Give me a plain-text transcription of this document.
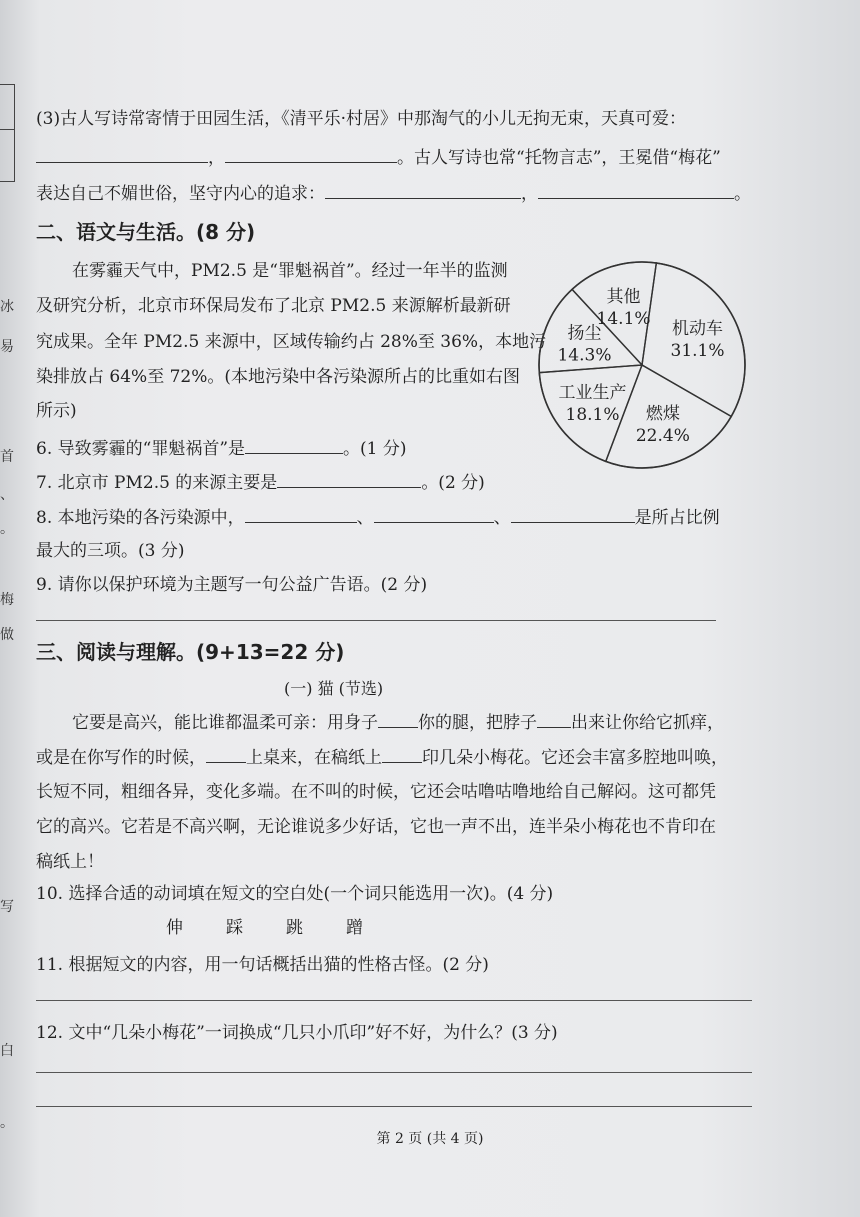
冰
易
首
、
。
梅
做
写
白
。
(3)古人写诗常寄情于田园生活，《清平乐·村居》中那淘气的小儿无拘无束，天真可爱：
，	。古人写诗也常“托物言志”，王冕借“梅花”
表达自己不媚世俗，坚守内心的追求：	，	。
二、语文与生活。(8 分)
在雾霾天气中，PM2.5 是“罪魁祸首”。经过一年半的监测
及研究分析，北京市环保局发布了北京 PM2.5 来源解析最新研
究成果。全年 PM2.5 来源中，区域传输约占 28%至 36%，本地污
染排放占 64%至 72%。(本地污染中各污染源所占的比重如右图
所示)
6. 导致雾霾的“罪魁祸首”是	。(1 分)
7. 北京市 PM2.5 的来源主要是	。(2 分)
8. 本地污染的各污染源中，	、	、	是所占比例
最大的三项。(3 分)
9. 请你以保护环境为主题写一句公益广告语。(2 分)
机动车
31.1%
燃煤
22.4%
工业生产
18.1%
扬尘
14.3%
其他
14.1%
三、阅读与理解。(9+13=22 分)
(一) 猫 (节选)
它要是高兴，能比谁都温柔可亲：用身子 你的腿，把脖子 出来让你给它抓痒，
或是在你写作的时候， 上桌来，在稿纸上 印几朵小梅花。它还会丰富多腔地叫唤，
长短不同，粗细各异，变化多端。在不叫的时候，它还会咕噜咕噜地给自己解闷。这可都凭
它的高兴。它若是不高兴啊，无论谁说多少好话，它也一声不出，连半朵小梅花也不肯印在
稿纸上！
10. 选择合适的动词填在短文的空白处(一个词只能选用一次)。(4 分)
伸	踩	跳	蹭
11. 根据短文的内容，用一句话概括出猫的性格古怪。(2 分)
12. 文中“几朵小梅花”一词换成“几只小爪印”好不好，为什么？(3 分)
第 2 页 (共 4 页)
